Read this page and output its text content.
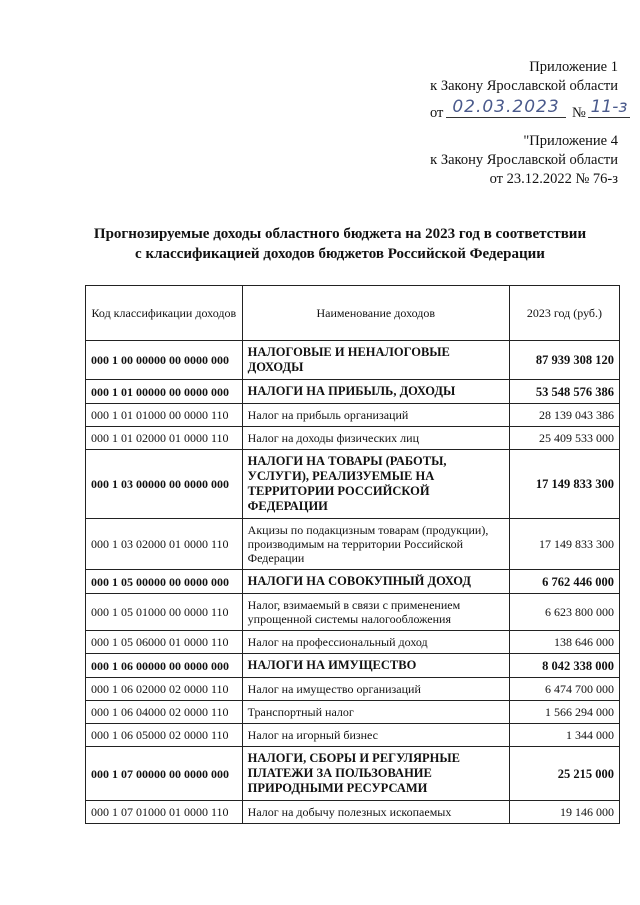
Приложение 1
к Закону Ярославской области
от 02.03.2023 № 11-з
"Приложение 4
к Закону Ярославской области
от 23.12.2022 № 76-з
Прогнозируемые доходы областного бюджета на 2023 год в соответствии
с классификацией доходов бюджетов Российской Федерации
Код классификации доходов	Наименование доходов	2023 год (руб.)
000 1 00 00000 00 0000 000	НАЛОГОВЫЕ И НЕНАЛОГОВЫЕ ДОХОДЫ	87 939 308 120
000 1 01 00000 00 0000 000	НАЛОГИ НА ПРИБЫЛЬ, ДОХОДЫ	53 548 576 386
000 1 01 01000 00 0000 110	Налог на прибыль организаций	28 139 043 386
000 1 01 02000 01 0000 110	Налог на доходы физических лиц	25 409 533 000
000 1 03 00000 00 0000 000	НАЛОГИ НА ТОВАРЫ (РАБОТЫ, УСЛУГИ), РЕАЛИЗУЕМЫЕ НА ТЕРРИТОРИИ РОССИЙСКОЙ ФЕДЕРАЦИИ	17 149 833 300
000 1 03 02000 01 0000 110	Акцизы по подакцизным товарам (продукции), производимым на территории Российской Федерации	17 149 833 300
000 1 05 00000 00 0000 000	НАЛОГИ НА СОВОКУПНЫЙ ДОХОД	6 762 446 000
000 1 05 01000 00 0000 110	Налог, взимаемый в связи с применением упрощенной системы налогообложения	6 623 800 000
000 1 05 06000 01 0000 110	Налог на профессиональный доход	138 646 000
000 1 06 00000 00 0000 000	НАЛОГИ НА ИМУЩЕСТВО	8 042 338 000
000 1 06 02000 02 0000 110	Налог на имущество организаций	6 474 700 000
000 1 06 04000 02 0000 110	Транспортный налог	1 566 294 000
000 1 06 05000 02 0000 110	Налог на игорный бизнес	1 344 000
000 1 07 00000 00 0000 000	НАЛОГИ, СБОРЫ И РЕГУЛЯРНЫЕ ПЛАТЕЖИ ЗА ПОЛЬЗОВАНИЕ ПРИРОДНЫМИ РЕСУРСАМИ	25 215 000
000 1 07 01000 01 0000 110	Налог на добычу полезных ископаемых	19 146 000
